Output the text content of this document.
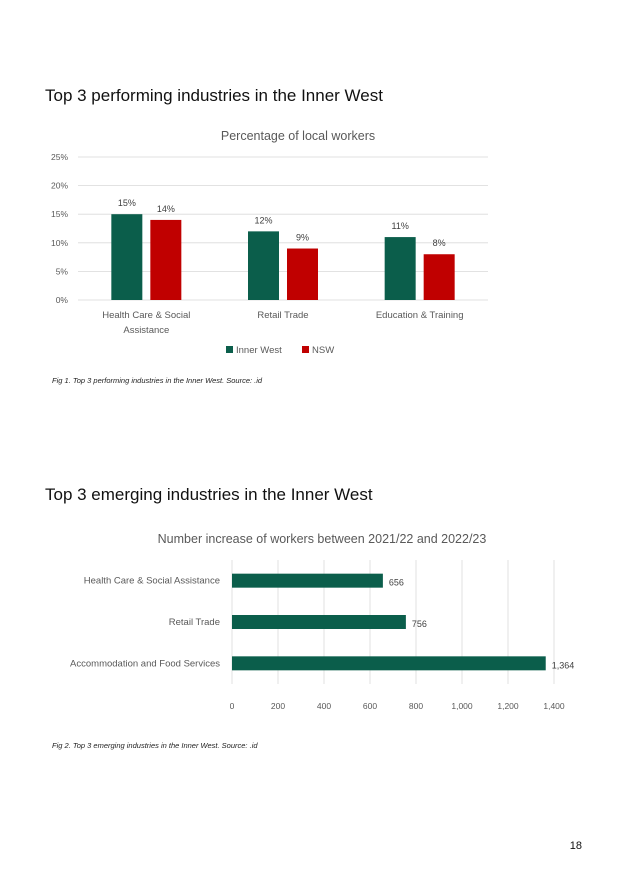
Top 3 performing industries in the Inner West
Percentage of local workers
0%
5%
10%
15%
20%
25%
15%
14%
Health Care & Social
Assistance
12%
9%
Retail Trade
11%
8%
Education & Training
Inner West	NSW
Fig 1. Top 3 performing industries in the Inner West. Source: .id
Top 3 emerging industries in the Inner West
Number increase of workers between 2021/22 and 2022/23
0	200	400	600	800	1,000	1,200	1,400
656
Health Care & Social Assistance
756
Retail Trade
1,364
Accommodation and Food Services
Fig 2. Top 3 emerging industries in the Inner West. Source: .id
18
